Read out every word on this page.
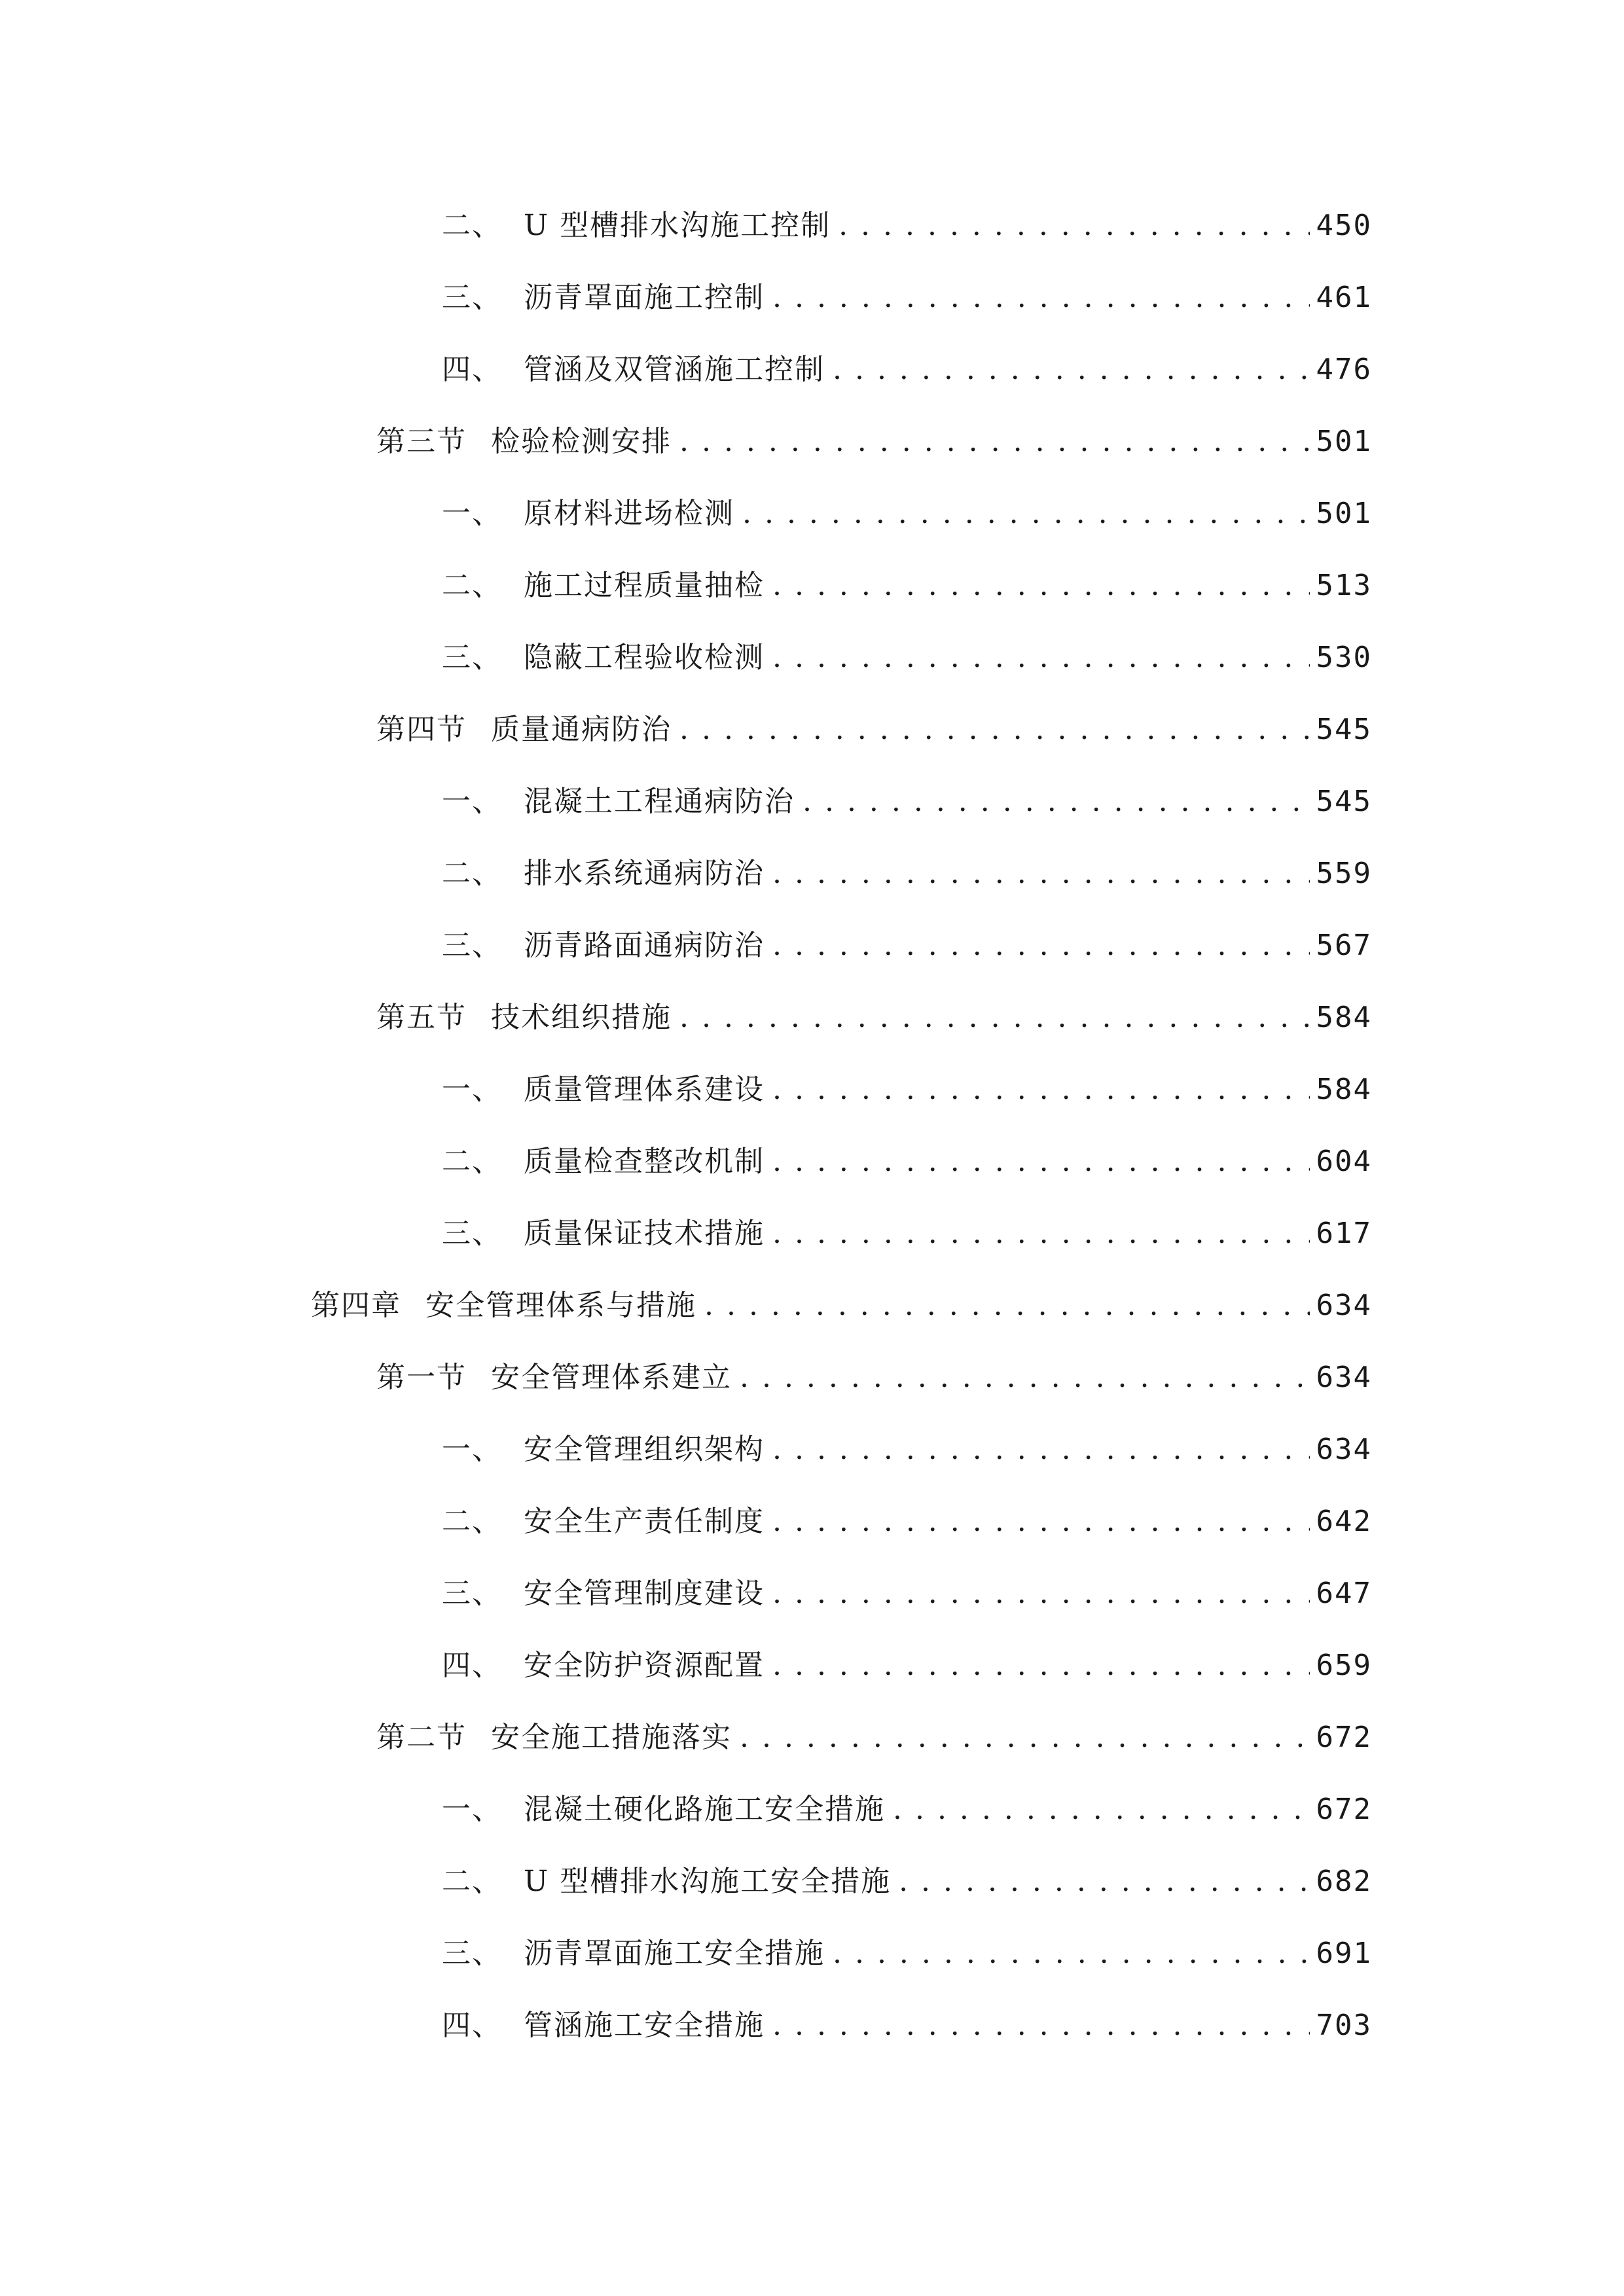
二、 U 型槽排水沟施工控制 . . .	450
三、 沥青罩面施工控制 . . .	461
四、 管涵及双管涵施工控制 . . .	476
第三节 检验检测安排 . . .	501
一、 原材料进场检测 . . .	501
二、 施工过程质量抽检 . . .	513
三、 隐蔽工程验收检测 . . .	530
第四节 质量通病防治 . . .	545
一、 混凝土工程通病防治 . . .	545
二、 排水系统通病防治 . . .	559
三、 沥青路面通病防治 . . .	567
第五节 技术组织措施 . . .	584
一、 质量管理体系建设 . . .	584
二、 质量检查整改机制 . . .	604
三、 质量保证技术措施 . . .	617
第四章 安全管理体系与措施 . . .	634
第一节 安全管理体系建立 . . .	634
一、 安全管理组织架构 . . .	634
二、 安全生产责任制度 . . .	642
三、 安全管理制度建设 . . .	647
四、 安全防护资源配置 . . .	659
第二节 安全施工措施落实 . . .	672
一、 混凝土硬化路施工安全措施 . . .	672
二、 U 型槽排水沟施工安全措施 . . .	682
三、 沥青罩面施工安全措施 . . .	691
四、 管涵施工安全措施 . . .	703
